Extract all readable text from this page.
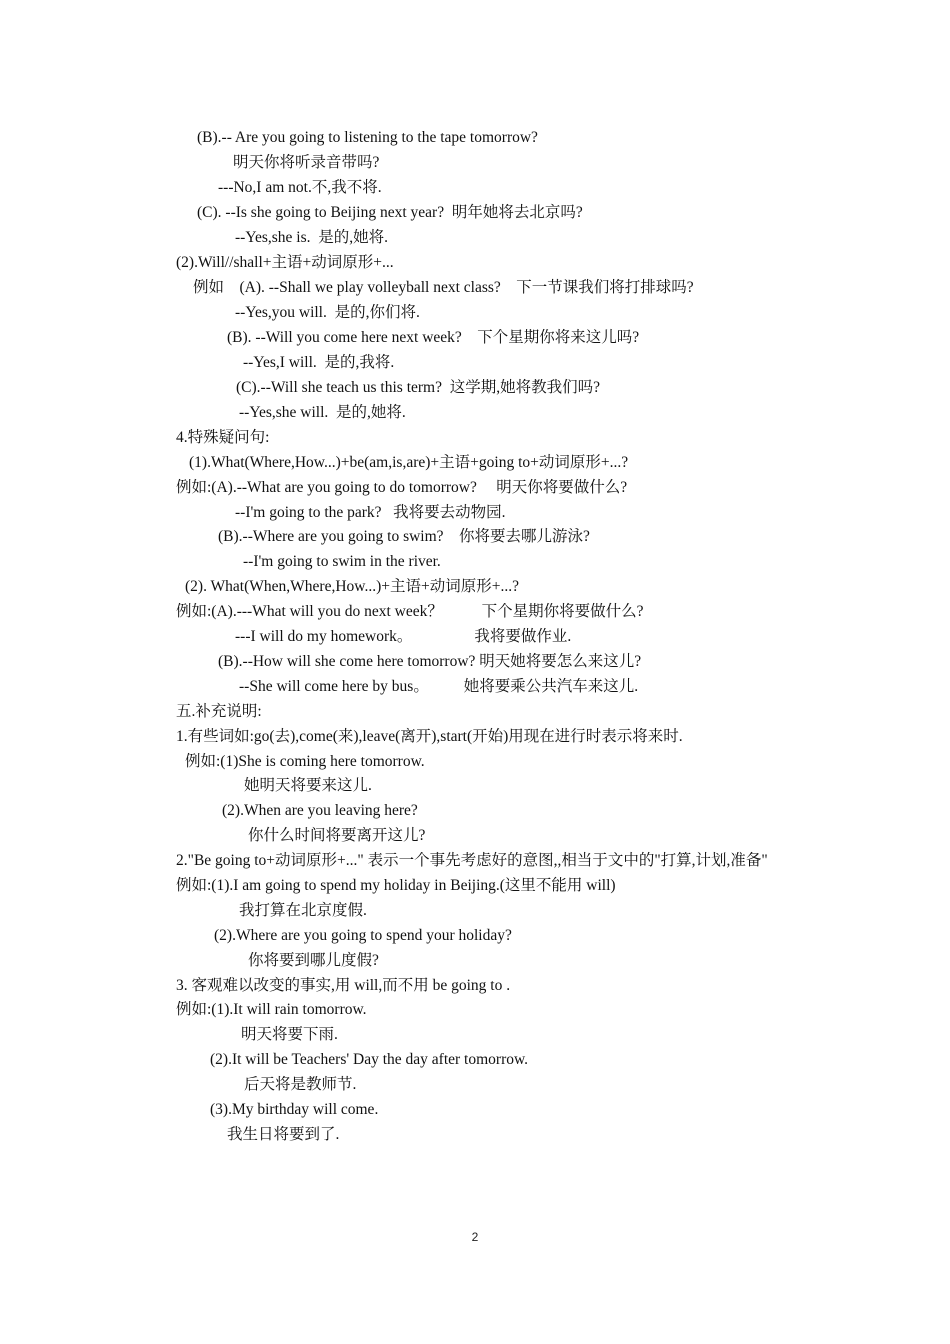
(B).-- Are you going to listening to the tape tomorrow?
明天你将听录音带吗?
---No,I am not.不,我不将.
(C). --Is she going to Beijing next year?  明年她将去北京吗?
--Yes,she is.  是的,她将.
(2).Will//shall+主语+动词原形+...
例如    (A). --Shall we play volleyball next class?    下一节课我们将打排球吗?
--Yes,you will.  是的,你们将.
(B). --Will you come here next week?    下个星期你将来这儿吗?
--Yes,I will.  是的,我将.
(C).--Will she teach us this term?  这学期,她将教我们吗?
--Yes,she will.  是的,她将.
4.特殊疑问句:
(1).What(Where,How...)+be(am,is,are)+主语+going to+动词原形+...?
例如:(A).--What are you going to do tomorrow?     明天你将要做什么?
--I'm going to the park?   我将要去动物园.
(B).--Where are you going to swim?    你将要去哪儿游泳?
--I'm going to swim in the river.
(2). What(When,Where,How...)+主语+动词原形+...?
例如:(A).---What will you do next week？          下个星期你将要做什么?
---I will do my homework。                我将要做作业.
(B).--How will she come here tomorrow? 明天她将要怎么来这儿?
--She will come here by bus。         她将要乘公共汽车来这儿.
五.补充说明:
1.有些词如:go(去),come(来),leave(离开),start(开始)用现在进行时表示将来时.
例如:(1)She is coming here tomorrow.
她明天将要来这儿.
(2).When are you leaving here?
你什么时间将要离开这儿?
2."Be going to+动词原形+..." 表示一个事先考虑好的意图,,相当于文中的"打算,计划,准备"
例如:(1).I am going to spend my holiday in Beijing.(这里不能用 will)
我打算在北京度假.
(2).Where are you going to spend your holiday?
你将要到哪儿度假?
3. 客观难以改变的事实,用 will,而不用 be going to .
例如:(1).It will rain tomorrow.
明天将要下雨.
(2).It will be Teachers' Day the day after tomorrow.
后天将是教师节.
(3).My birthday will come.
我生日将要到了.
2
